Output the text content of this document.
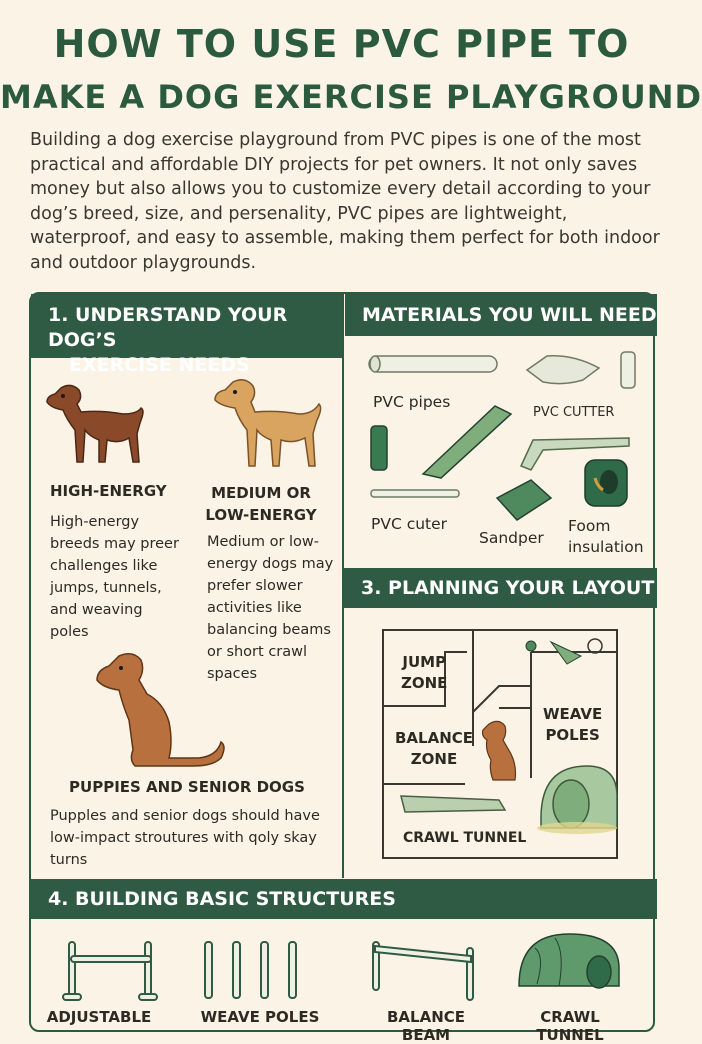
HOW TO USE PVC PIPE TO
MAKE A DOG EXERCISE PLAYGROUND
Building a dog exercise playground from PVC pipes is one of the most practical and affordable DIY projects for pet owners. It not only saves money but also allows you to customize every detail according to your dog’s breed, size, and persenality, PVC pipes are lightweight, waterproof, and easy to assemble, making them perfect for both indoor and outdoor playgrounds.
1. UNDERSTAND YOUR DOG’S
EXERCISE NEEDS
MATERIALS YOU WILL NEED
HIGH-ENERGY
High-energy breeds may preer challenges like jumps, tunnels, and weaving poles
MEDIUM OR
LOW-ENERGY
Medium or low-energy dogs may prefer slower activities like balancing beams or short crawl spaces
PUPPIES AND SENIOR DOGS
Pupples and senior dogs should have low-impact stroutures with qoly skay turns
PVC pipes
PVC CUTTER
PVC cuter
Sandper
Foom
insulation
3. PLANNING YOUR LAYOUT
JUMP
ZONE
BALANCE
ZONE
WEAVE
POLES
CRAWL TUNNEL
4. BUILDING BASIC STRUCTURES
ADJUSTABLE	WEAVE POLES	BALANCE BEAM
CRAWL TUNNEL
